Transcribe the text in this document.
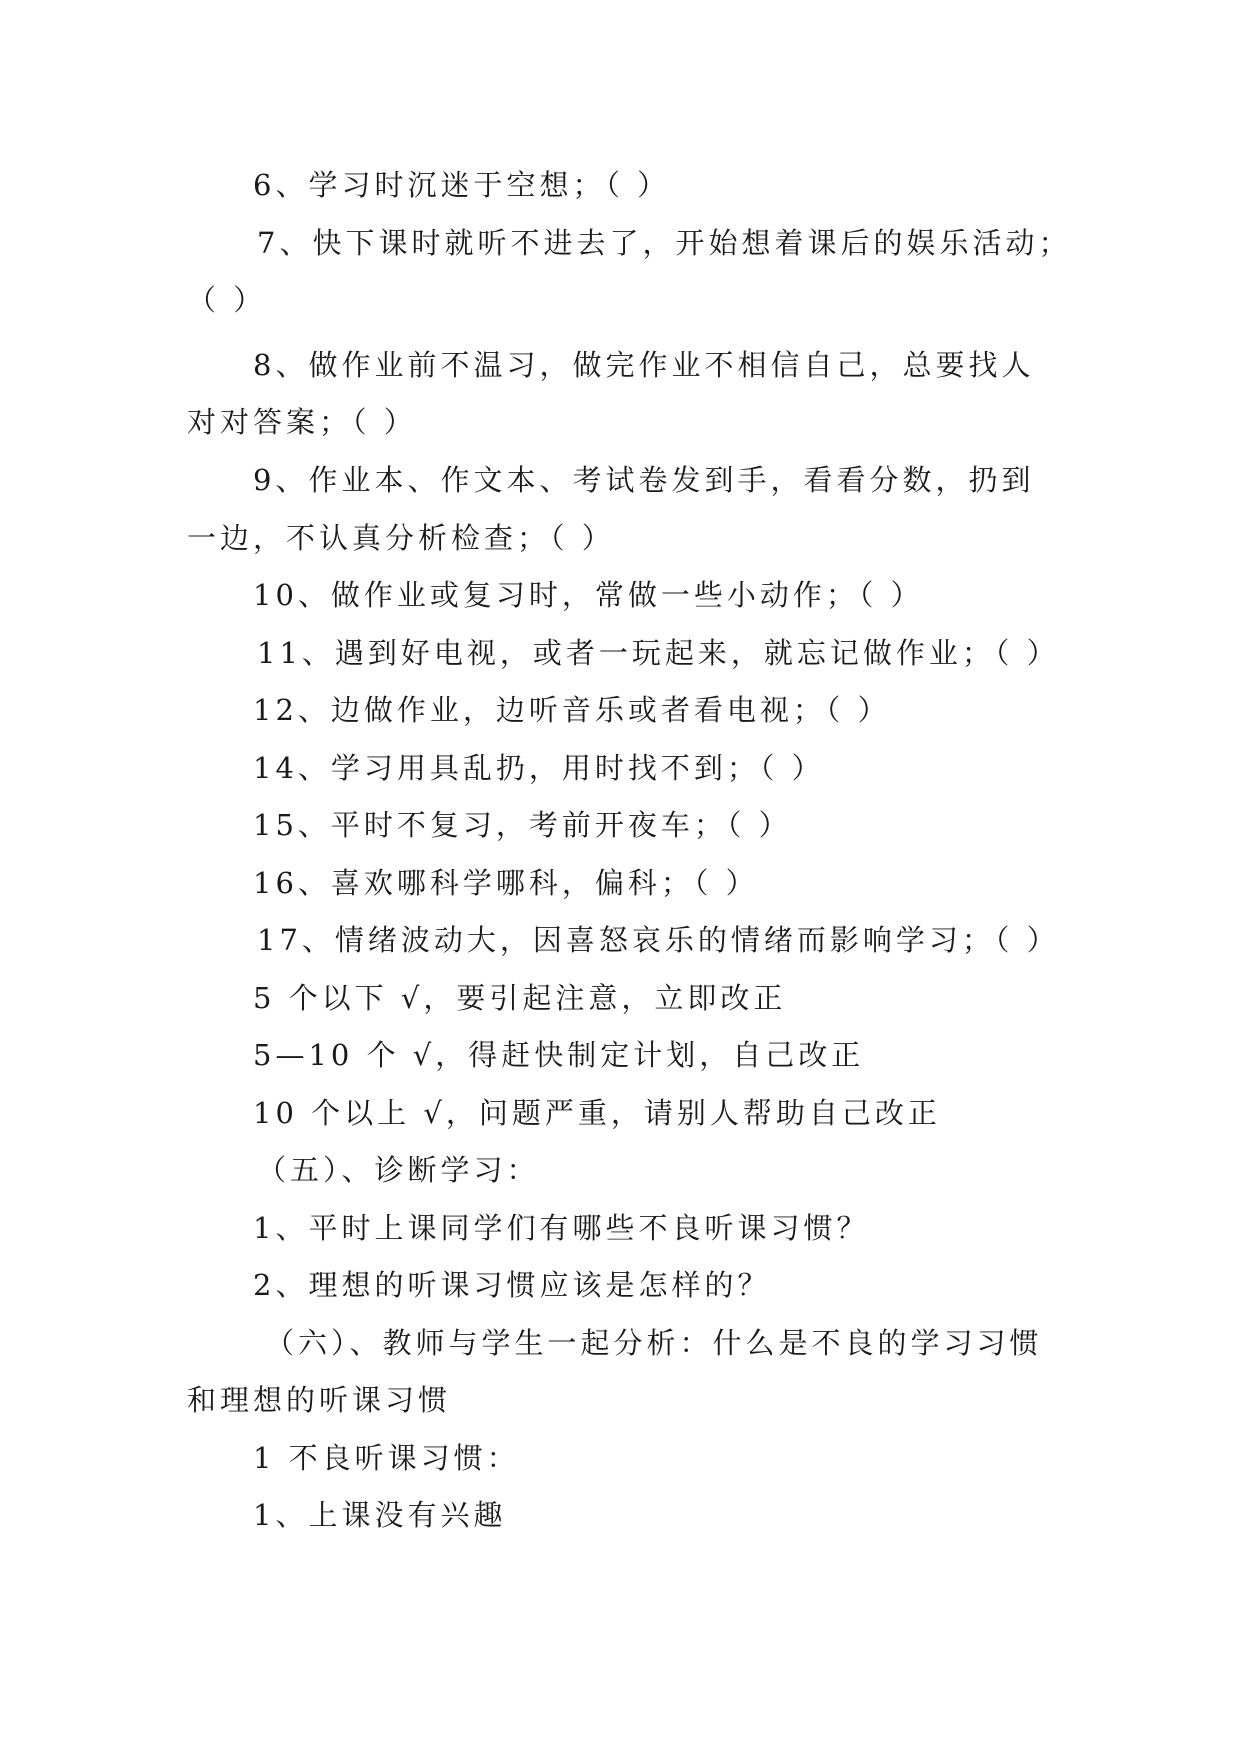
6、学习时沉迷于空想；（ ）
7、快下课时就听不进去了，开始想着课后的娱乐活动；
（ ）
8、做作业前不温习，做完作业不相信自己，总要找人
对对答案；（ ）
9、作业本、作文本、考试卷发到手，看看分数，扔到
一边，不认真分析检查；（ ）
10、做作业或复习时，常做一些小动作；（ ）
11、遇到好电视，或者一玩起来，就忘记做作业；（ ）
12、边做作业，边听音乐或者看电视；（ ）
14、学习用具乱扔，用时找不到；（ ）
15、平时不复习，考前开夜车；（ ）
16、喜欢哪科学哪科，偏科；（ ）
17、情绪波动大，因喜怒哀乐的情绪而影响学习；（ ）
5 个以下 √，要引起注意，立即改正
5—10 个 √，得赶快制定计划，自己改正
10 个以上 √，问题严重，请别人帮助自己改正
（五）、诊断学习：
1、平时上课同学们有哪些不良听课习惯？
2、理想的听课习惯应该是怎样的？
（六）、教师与学生一起分析：什么是不良的学习习惯
和理想的听课习惯
1 不良听课习惯：
1、上课没有兴趣
